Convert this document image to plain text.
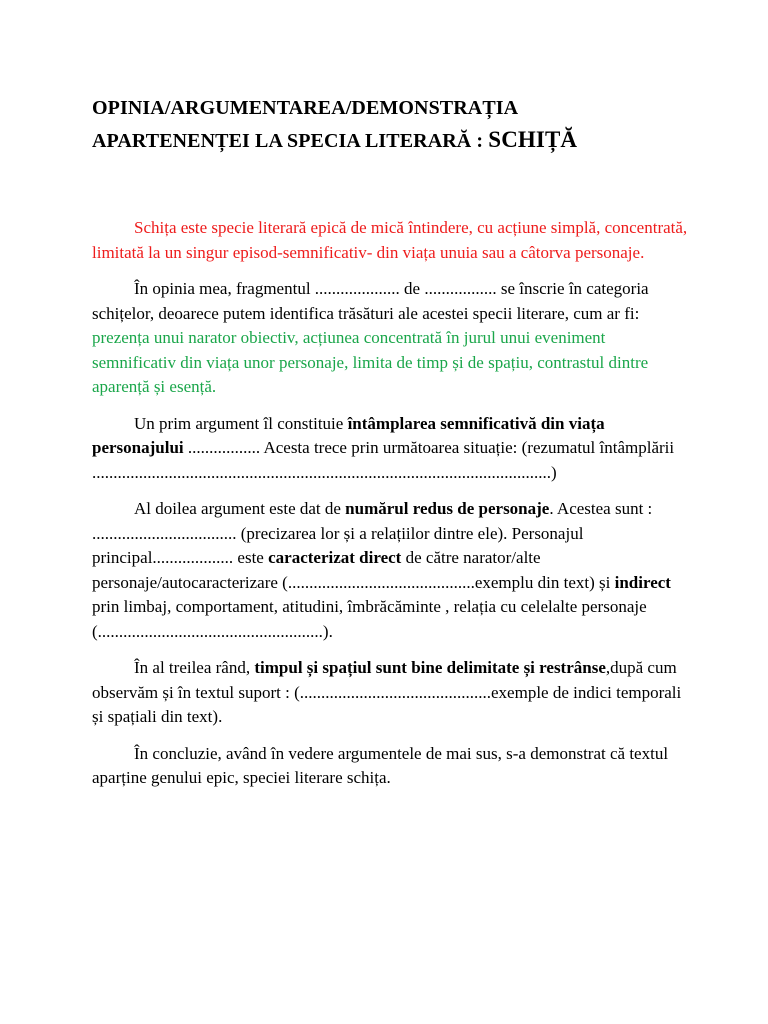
OPINIA/ARGUMENTAREA/DEMONSTRAȚIA
APARTENENȚEI LA SPECIA LITERARĂ : SCHIȚĂ

Schița este specie literară epică de mică întindere, cu acțiune simplă, concentrată, limitată la un singur episod-semnificativ- din viața unuia sau a câtorva personaje.

În opinia mea, fragmentul .................... de ................. se înscrie în categoria schițelor, deoarece putem identifica trăsături ale acestei specii literare, cum ar fi: prezența unui narator obiectiv, acțiunea concentrată în jurul unui eveniment semnificativ din viața unor personaje, limita de timp și de spațiu, contrastul dintre aparență și esență.

Un prim argument îl constituie întâmplarea semnificativă din viața personajului ................. Acesta trece prin următoarea situație: (rezumatul întâmplării ............................................................................................................)

Al doilea argument este dat de numărul redus de personaje. Acestea sunt : .................................. (precizarea lor și a relațiilor dintre ele). Personajul principal................... este caracterizat direct de către narator/alte personaje/autocaracterizare (............................................exemplu din text) și indirect prin limbaj, comportament, atitudini, îmbrăcăminte , relația cu celelalte personaje (.....................................................).

În al treilea rând, timpul și spațiul sunt bine delimitate și restrânse,după cum observăm și în textul suport : (.............................................exemple de indici temporali și spațiali din text).

În concluzie, având în vedere argumentele de mai sus, s-a demonstrat că textul aparține genului epic, speciei literare schița.
